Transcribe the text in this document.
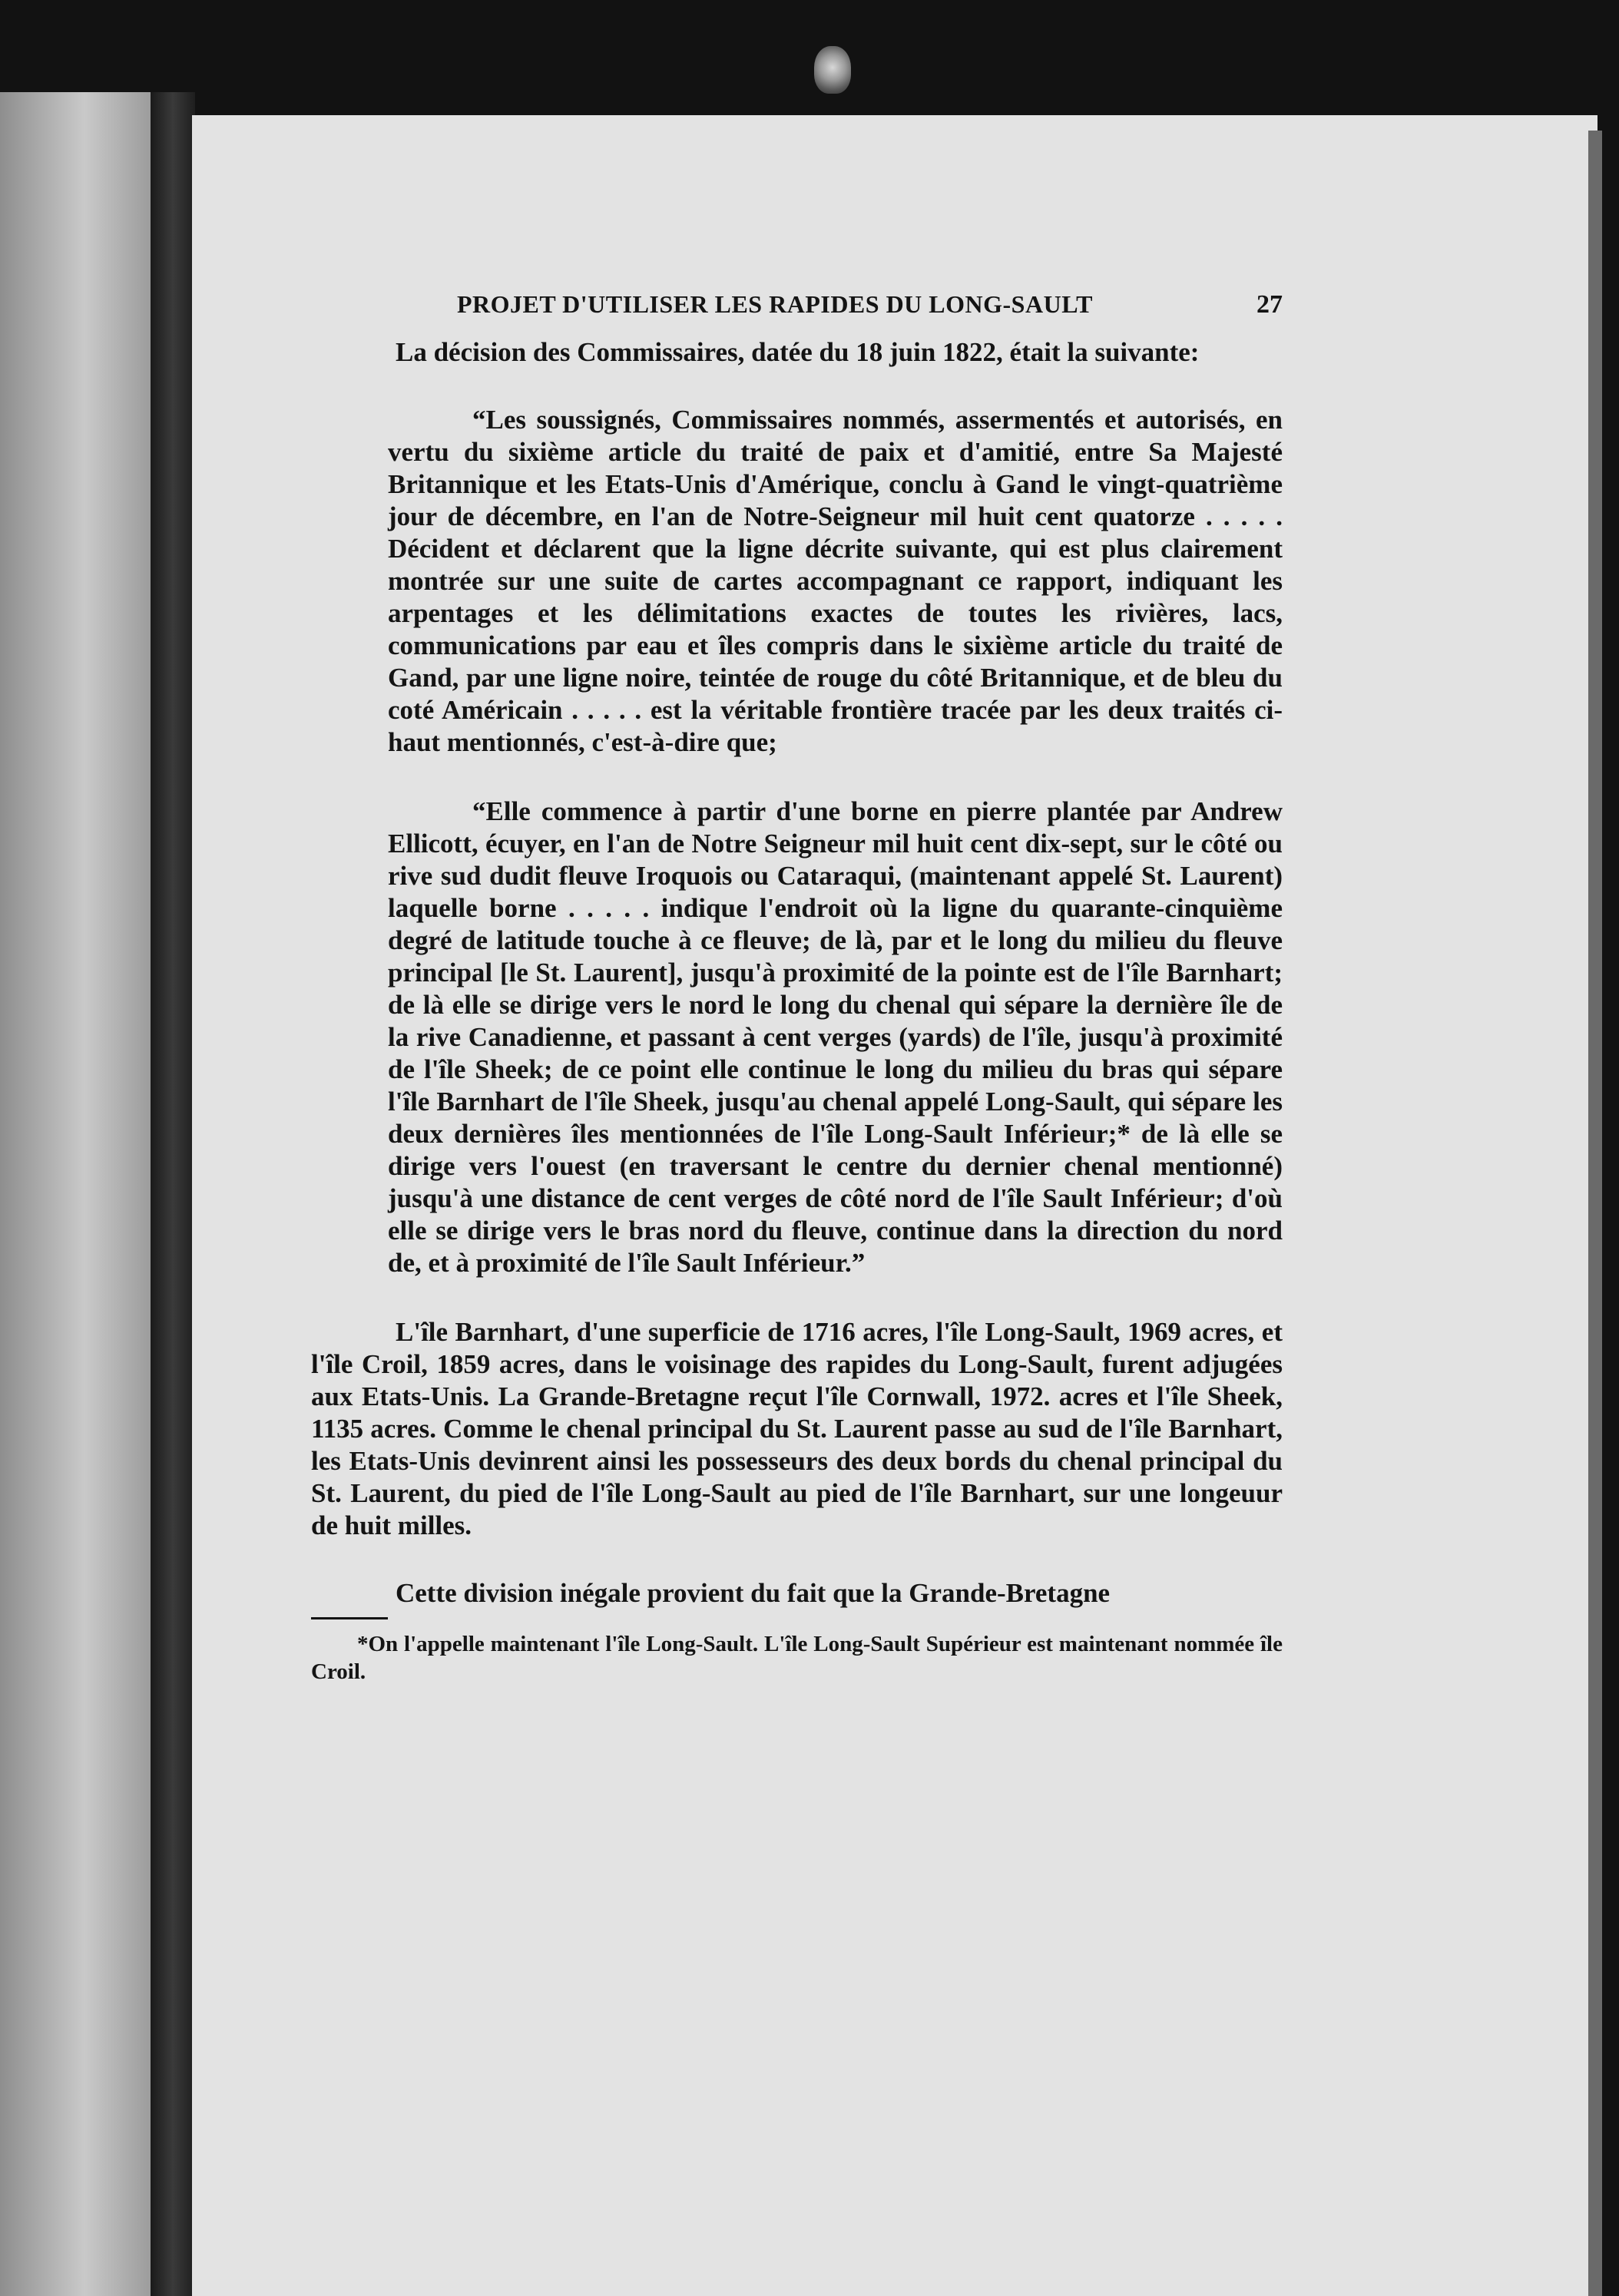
PROJET D'UTILISER LES RAPIDES DU LONG-SAULT	27

La décision des Commissaires, datée du 18 juin 1822, était la suivante:

“Les soussignés, Commissaires nommés, assermentés et autorisés, en vertu du sixième article du traité de paix et d'amitié, entre Sa Majesté Britannique et les Etats-Unis d'Amérique, conclu à Gand le vingt-quatrième jour de décembre, en l'an de Notre-Seigneur mil huit cent quatorze . . . . . Décident et déclarent que la ligne décrite suivante, qui est plus clairement montrée sur une suite de cartes accompagnant ce rapport, indiquant les arpentages et les délimitations exactes de toutes les rivières, lacs, communications par eau et îles compris dans le sixième article du traité de Gand, par une ligne noire, teintée de rouge du côté Britannique, et de bleu du coté Américain . . . . . est la véritable frontière tracée par les deux traités ci-haut mentionnés, c'est-à-dire que;

“Elle commence à partir d'une borne en pierre plantée par Andrew Ellicott, écuyer, en l'an de Notre Seigneur mil huit cent dix-sept, sur le côté ou rive sud dudit fleuve Iroquois ou Cataraqui, (maintenant appelé St. Laurent) laquelle borne . . . . . indique l'endroit où la ligne du quarante-cinquième degré de latitude touche à ce fleuve; de là, par et le long du milieu du fleuve principal [le St. Laurent], jusqu'à proximité de la pointe est de l'île Barnhart; de là elle se dirige vers le nord le long du chenal qui sépare la dernière île de la rive Canadienne, et passant à cent verges (yards) de l'île, jusqu'à proximité de l'île Sheek; de ce point elle continue le long du milieu du bras qui sépare l'île Barnhart de l'île Sheek, jusqu'au chenal appelé Long-Sault, qui sépare les deux dernières îles mentionnées de l'île Long-Sault Inférieur;* de là elle se dirige vers l'ouest (en traversant le centre du dernier chenal mentionné) jusqu'à une distance de cent verges de côté nord de l'île Sault Inférieur; d'où elle se dirige vers le bras nord du fleuve, continue dans la direction du nord de, et à proximité de l'île Sault Inférieur.”

L'île Barnhart, d'une superficie de 1716 acres, l'île Long-Sault, 1969 acres, et l'île Croil, 1859 acres, dans le voisinage des rapides du Long-Sault, furent adjugées aux Etats-Unis. La Grande-Bretagne reçut l'île Cornwall, 1972. acres et l'île Sheek, 1135 acres. Comme le chenal principal du St. Laurent passe au sud de l'île Barnhart, les Etats-Unis devinrent ainsi les possesseurs des deux bords du chenal principal du St. Laurent, du pied de l'île Long-Sault au pied de l'île Barnhart, sur une longeuur de huit milles.

Cette division inégale provient du fait que la Grande-Bretagne

*On l'appelle maintenant l'île Long-Sault. L'île Long-Sault Supérieur est maintenant nommée île Croil.
